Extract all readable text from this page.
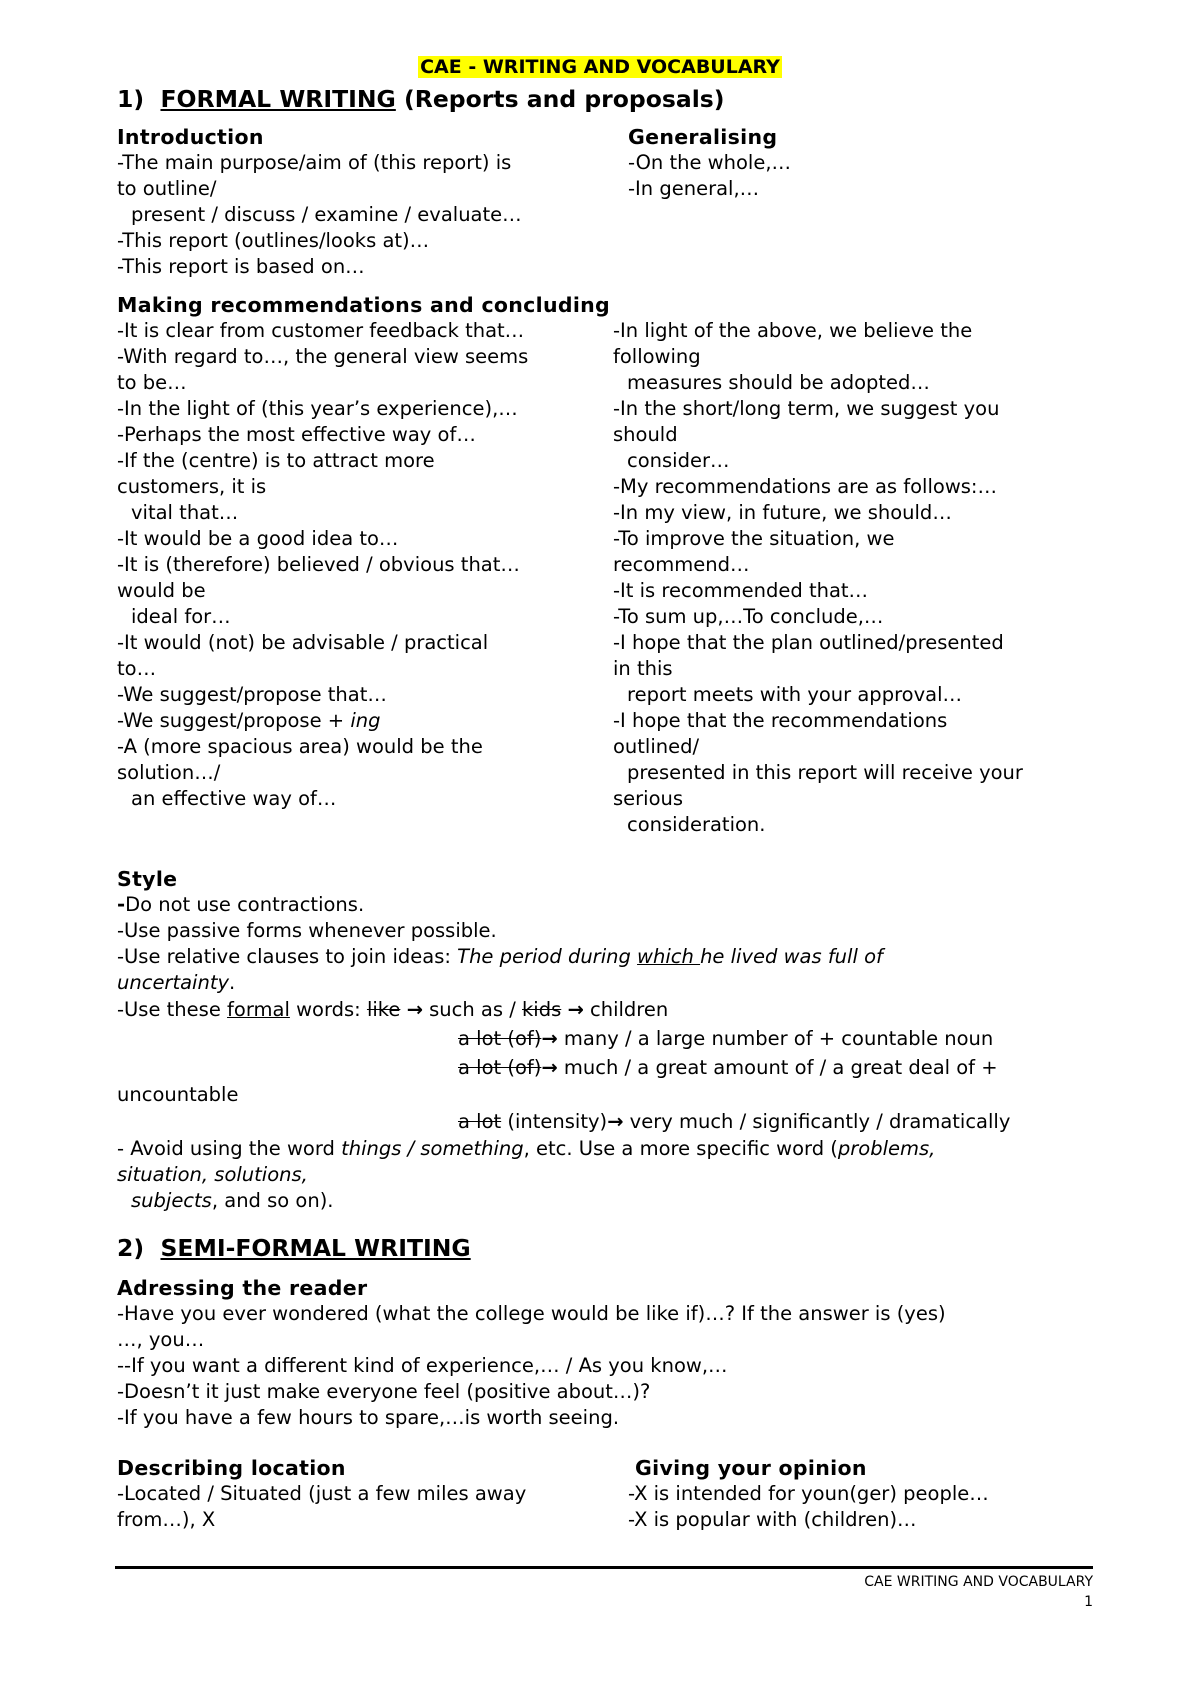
CAE - WRITING AND VOCABULARY
1) FORMAL WRITING (Reports and proposals)
Introduction
-The main purpose/aim of (this report) is
to outline/
present / discuss / examine / evaluate…
-This report (outlines/looks at)…
-This report is based on…
Generalising
-On the whole,…
-In general,…
Making recommendations and concluding
-It is clear from customer feedback that…
-With regard to…, the general view seems
to be…
-In the light of (this year’s experience),…
-Perhaps the most effective way of…
-If the (centre) is to attract more
customers, it is
vital that…
-It would be a good idea to…
-It is (therefore) believed / obvious that…
would be
ideal for…
-It would (not) be advisable / practical
to…
-We suggest/propose that…
-We suggest/propose + ing
-A (more spacious area) would be the
solution…/
an effective way of…
-In light of the above, we believe the
following
measures should be adopted…
-In the short/long term, we suggest you
should
consider…
-My recommendations are as follows:…
-In my view, in future, we should…
-To improve the situation, we
recommend…
-It is recommended that…
-To sum up,…To conclude,…
-I hope that the plan outlined/presented
in this
report meets with your approval…
-I hope that the recommendations
outlined/
presented in this report will receive your
serious
consideration.
Style
-Do not use contractions.
-Use passive forms whenever possible.
-Use relative clauses to join ideas: The period during which he lived was full of
uncertainty.
-Use these formal words: like → such as / kids → children
a lot (of)→ many / a large number of + countable noun
a lot (of)→ much / a great amount of / a great deal of +
uncountable
a lot (intensity)→ very much / significantly / dramatically
- Avoid using the word things / something, etc. Use a more specific word (problems,
situation, solutions,
subjects, and so on).
2) SEMI-FORMAL WRITING
Adressing the reader
-Have you ever wondered (what the college would be like if)…? If the answer is (yes)
…, you…
--If you want a different kind of experience,… / As you know,…
-Doesn’t it just make everyone feel (positive about…)?
-If you have a few hours to spare,…is worth seeing.
Describing location
-Located / Situated (just a few miles away
from…), X
Giving your opinion
-X is intended for youn(ger) people…
-X is popular with (children)…
CAE WRITING AND VOCABULARY
1
